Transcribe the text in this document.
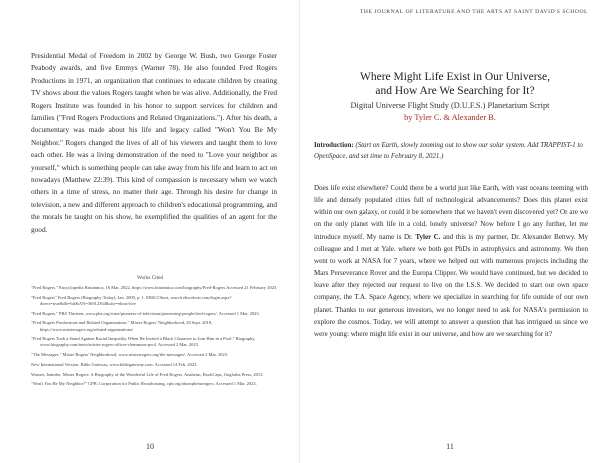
Presidential Medal of Freedom in 2002 by George W. Bush, two George Foster Peabody awards, and five Emmys (Warner 78). He also founded Fred Rogers Productions in 1971, an organization that continues to educate children by creating TV shows about the values Rogers taught when he was alive. Additionally, the Fred Rogers Institute was founded in his honor to support services for children and families ("Fred Rogers Productions and Related Organizations."). After his death, a documentary was made about his life and legacy called "Won't You Be My Neighbor." Rogers changed the lives of all of his viewers and taught them to love each other. He was a living demonstration of the need to "Love your neighbor as yourself," which is something people can take away from his life and learn to act on nowadays (Matthew 22:39). This kind of compassion is necessary when we watch others in a time of stress, no matter their age. Through his desire for change in television, a new and different approach to children's educational programming, and the morals he taught on his show, he exemplified the qualities of an agent for the good.

Works Cited
"Fred Rogers." Encyclopedia Britannica, 16 Mar. 2022, https://www.britannica.com/biography/Fred-Rogers Accessed 21 February 2023
"Fred Rogers" Fred Rogers (Biography Today), Jan. 2009, p. 1. EBSCOhost, search.ebscohost.com/login.aspx?direct=true&db=hft&AN=36912364&site=ehost-live
"Fred Rogers." PBS Thirteen, www.pbs.org/wnet/pioneers-of-television/pioneering-people/fred-rogers/. Accessed 1 Mar. 2023.
"Fred Rogers Productions and Related Organizations." Mister Rogers' Neighborhood, 20 Sept. 2018, https://www.misterrogers.org/related-organizations/
"Fred Rogers Took a Stand Against Racial Inequality When He Invited a Black Character to Join Him in a Pool." Biography, www.biography.com/news/mister-rogers-officer-clemmons-pool. Accessed 2 Mar. 2023.
"The Messages." Mister Rogers' Neighborhood, www.misterrogers.org/the-messages/. Accessed 2 Mar. 2023.
New International Version. Bible Gateway, www.biblegateway.com. Accessed 14 Feb. 2023.
Warner, Jennifer. Mister Rogers: A Biography of the Wonderful Life of Fred Rogers. Anaheim, BookCaps, Goglotha Press, 2013.
"Won't You Be My Neighbor?" CPB: Corporation for Public Broadcasting, cpb.org/aboutpb/mrrogers. Accessed 1 Mar. 2023.
10
THE JOURNAL OF LITERATURE AND THE ARTS AT SAINT DAVID'S SCHOOL
Where Might Life Exist in Our Universe,
and How Are We Searching for It?
Digital Universe Flight Study (D.U.F.S.) Planetarium Script
by Tyler C. & Alexander B.

Introduction: (Start on Earth, slowly zooming out to show our solar system. Add TRAPPIST-1 to OpenSpace, and set time to February 8, 2021.)

Does life exist elsewhere? Could there be a world just like Earth, with vast oceans teeming with life and densely populated cities full of technological advancements? Does this planet exist within our own galaxy, or could it be somewhere that we haven't even discovered yet? Or are we on the only planet with life in a cold, lonely universe? Now before I go any further, let me introduce myself. My name is Dr. Tyler C. and this is my partner, Dr. Alexander Bettwy. My colleague and I met at Yale. where we both got PhDs in astrophysics and astronomy. We then went to work at NASA for 7 years, where we helped out with numerous projects including the Mars Perseverance Rover and the Europa Clipper. We would have continued, but we decided to leave after they rejected our request to live on the I.S.S. We decided to start our own space company, the T.A. Space Agency, where we specialize in searching for life outside of our own planet. Thanks to our generous investors, we no longer need to ask for NASA's permission to explore the cosmos. Today, we will attempt to answer a question that has intrigued us since we were young: where might life exist in our universe, and how are we searching for it?

11
